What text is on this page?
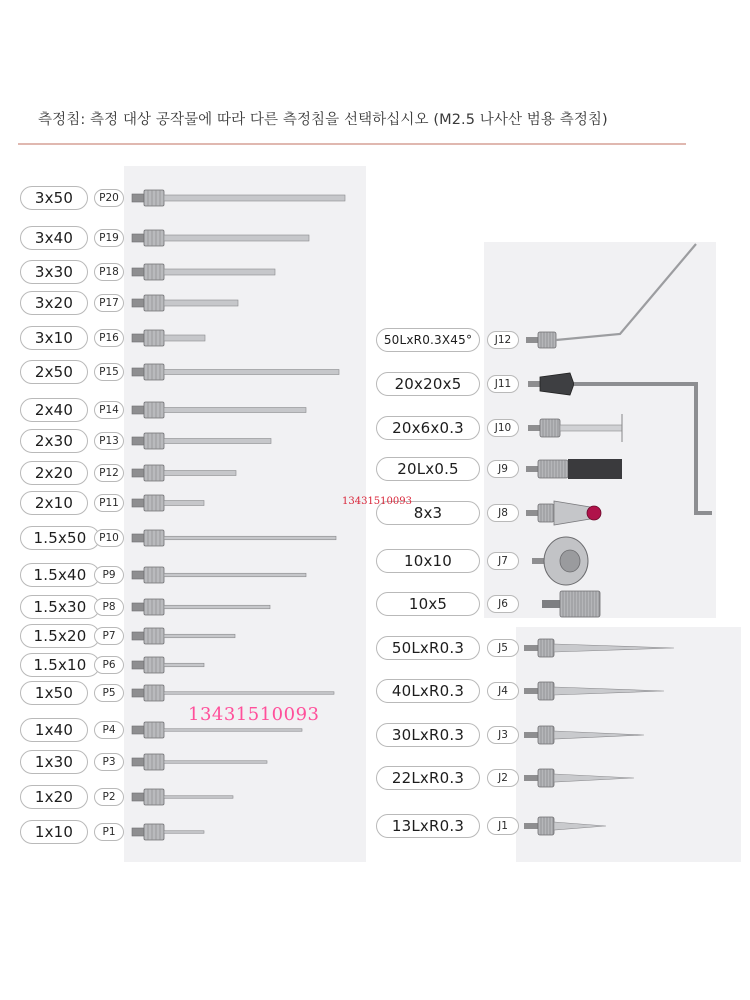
측정침: 측정 대상 공작물에 따라 다른 측정침을 선택하십시오 (M2.5 나사산 범용 측정침)
3x50	P20
3x40	P19
3x30	P18
3x20	P17
3x10	P16
2x50	P15
2x40	P14
2x30	P13
2x20	P12
2x10	P11
1.5x50	P10
1.5x40	P9
1.5x30	P8
1.5x20	P7
1.5x10	P6
1x50	P5
1x40	P4
1x30	P3
1x20	P2
1x10	P1
50LxR0.3X45°	J12
20x20x5	J11
20x6x0.3	J10
20Lx0.5	J9
8x3	J8
10x10	J7
10x5	J6
50LxR0.3	J5
40LxR0.3	J4
30LxR0.3	J3
22LxR0.3	J2
13LxR0.3	J1
13431510093
13431510093
